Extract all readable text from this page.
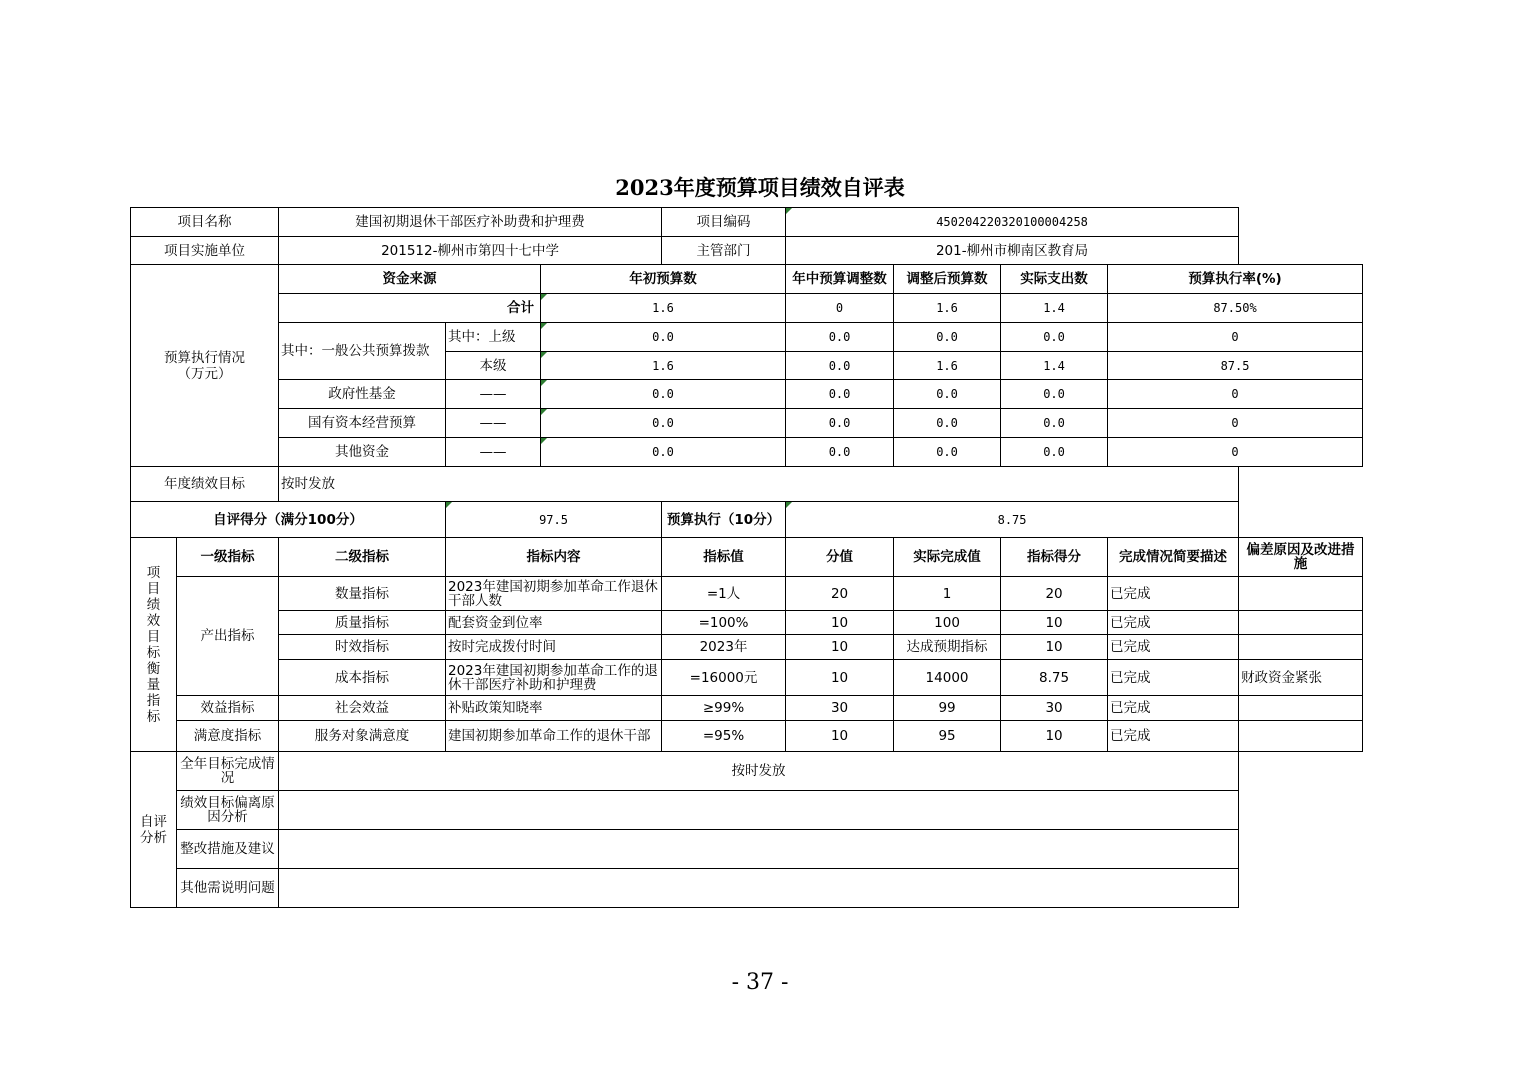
2023年度预算项目绩效自评表
项目名称		建国初期退休干部医疗补助费和护理费			项目编码	450204220320100004258				
项目实施单位		201512-柳州市第四十七中学			主管部门	201-柳州市柳南区教育局				
预算执行情况
（万元）		资金来源		年初预算数		年中预算调整数	调整后预算数	实际支出数	预算执行率(%)	
		合计		1.6		0	1.6	1.4	87.50%	
		其中：一般公共预算拨款	其中：上级	0.0		0.0	0.0	0.0	0	
			本级	1.6		0.0	1.6	1.4	87.5	
		政府性基金	——	0.0		0.0	0.0	0.0	0	
		国有资本经营预算	——	0.0		0.0	0.0	0.0	0	
		其他资金	——	0.0		0.0	0.0	0.0	0	
年度绩效目标		按时发放								
自评得分（满分100分）			97.5		预算执行（10分）	8.75				
项目绩效目标衡量指标	一级指标	二级指标	指标内容		指标值	分值	实际完成值	指标得分	完成情况简要描述	偏差原因及改进措施
	产出指标	数量指标	2023年建国初期参加革命工作退休干部人数		=1人	20	1	20	已完成	
		质量指标	配套资金到位率		=100%	10	100	10	已完成	
		时效指标	按时完成拨付时间		2023年	10	达成预期指标	10	已完成	
		成本指标	2023年建国初期参加革命工作的退休干部医疗补助和护理费		=16000元	10	14000	8.75	已完成	财政资金紧张
	效益指标	社会效益	补贴政策知晓率		≥99%	30	99	30	已完成	
	满意度指标	服务对象满意度	建国初期参加革命工作的退休干部		=95%	10	95	10	已完成	
自评分析	全年目标完成情况	按时发放								
	绩效目标偏离原因分析									
	整改措施及建议									
	其他需说明问题									
- 37 -
